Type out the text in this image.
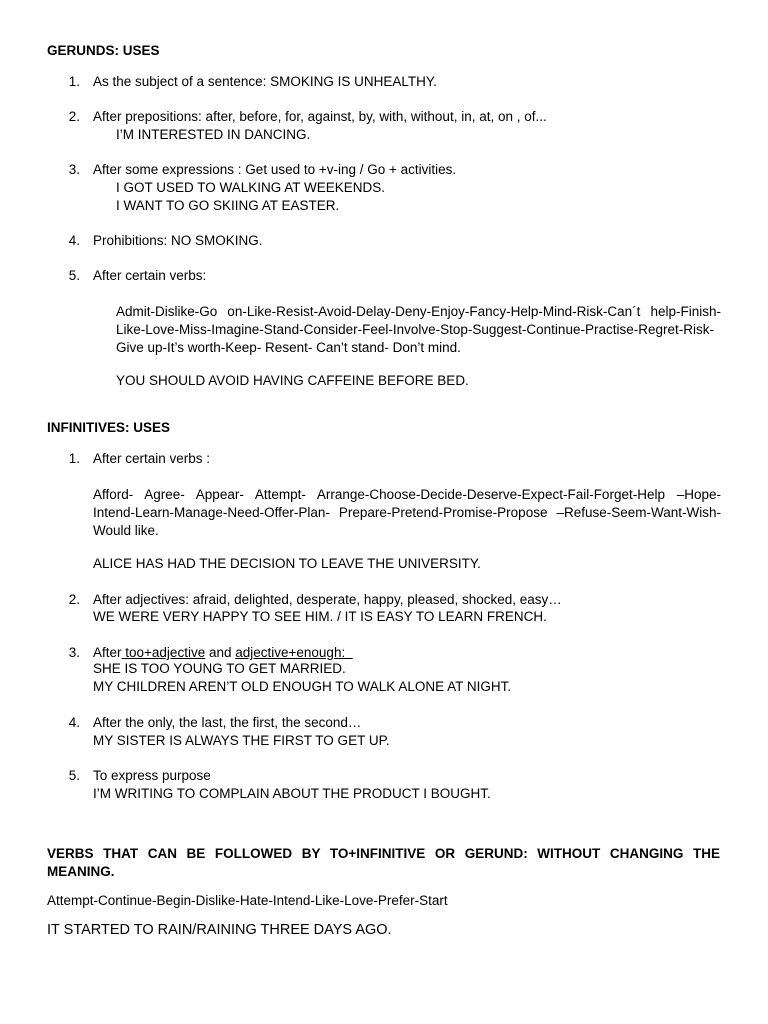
GERUNDS: USES
1. As the subject of a sentence: SMOKING IS UNHEALTHY.
2. After prepositions: after, before, for, against, by, with, without, in, at, on , of...
I’M INTERESTED IN DANCING.
3. After some expressions : Get used to +v-ing / Go + activities.
I GOT USED TO WALKING AT WEEKENDS.
I WANT TO GO SKIING AT EASTER.
4. Prohibitions: NO SMOKING.
5. After certain verbs:
Admit-Dislike-Go on-Like-Resist-Avoid-Delay-Deny-Enjoy-Fancy-Help-Mind-Risk-Can´t help-Finish-Like-Love-Miss-Imagine-Stand-Consider-Feel-Involve-Stop-Suggest-Continue-Practise-Regret-Risk-Give up-It’s worth-Keep- Resent- Can’t stand- Don’t mind.
YOU SHOULD AVOID HAVING CAFFEINE BEFORE BED.
INFINITIVES: USES
1. After certain verbs :
Afford- Agree- Appear- Attempt- Arrange-Choose-Decide-Deserve-Expect-Fail-Forget-Help –Hope-Intend-Learn-Manage-Need-Offer-Plan- Prepare-Pretend-Promise-Propose –Refuse-Seem-Want-Wish-Would like.
ALICE HAS HAD THE DECISION TO LEAVE THE UNIVERSITY.
2. After adjectives: afraid, delighted, desperate, happy, pleased, shocked, easy…
WE WERE VERY HAPPY TO SEE HIM. / IT IS EASY TO LEARN FRENCH.
3. After too+adjective and adjective+enough:
SHE IS TOO YOUNG TO GET MARRIED.
MY CHILDREN AREN’T OLD ENOUGH TO WALK ALONE AT NIGHT.
4. After the only, the last, the first, the second…
MY SISTER IS ALWAYS THE FIRST TO GET UP.
5. To express purpose
I’M WRITING TO COMPLAIN ABOUT THE PRODUCT I BOUGHT.
VERBS THAT CAN BE FOLLOWED BY TO+INFINITIVE OR GERUND: WITHOUT CHANGING THE MEANING.
Attempt-Continue-Begin-Dislike-Hate-Intend-Like-Love-Prefer-Start
IT STARTED TO RAIN/RAINING THREE DAYS AGO.
